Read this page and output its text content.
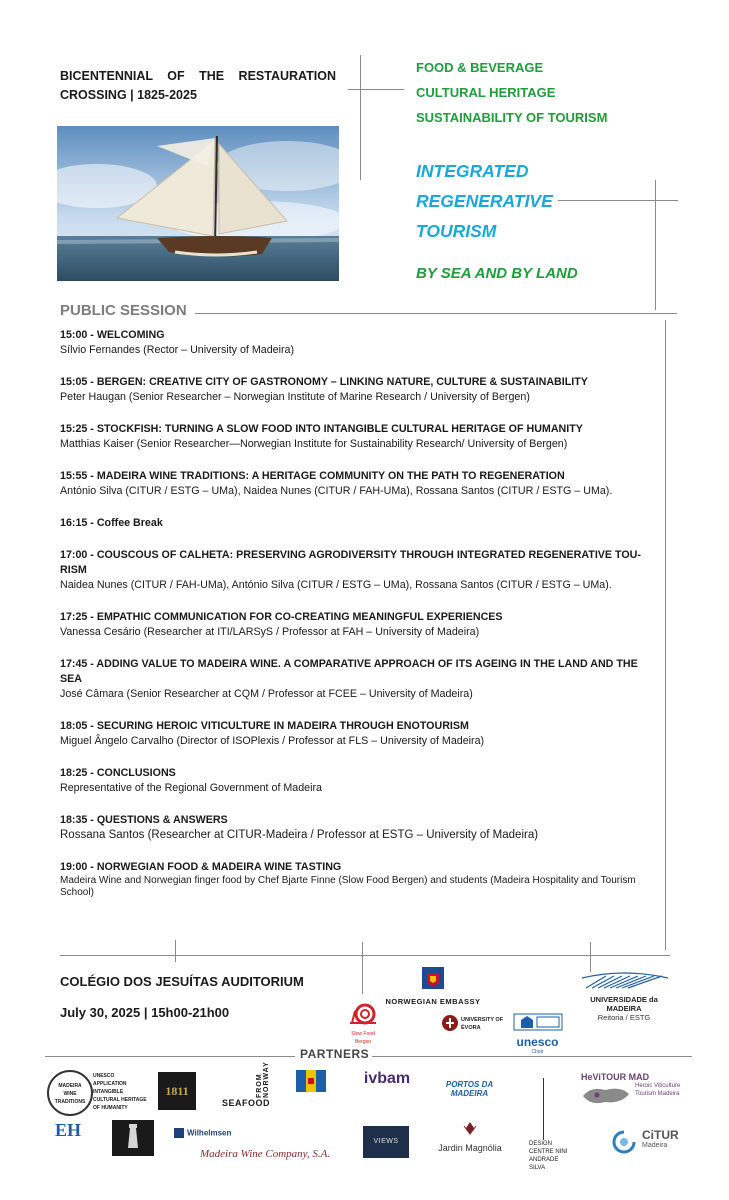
BICENTENNIAL OF THE RESTAURATION CROSSING | 1825-2025
FOOD & BEVERAGE
CULTURAL HERITAGE
SUSTAINABILITY OF TOURISM
INTEGRATED
REGENERATIVE
TOURISM
BY SEA AND BY LAND
PUBLIC SESSION
15:00 - WELCOMING
Sílvio Fernandes (Rector – University of Madeira)
15:05 - BERGEN: CREATIVE CITY OF GASTRONOMY – LINKING NATURE, CULTURE & SUSTAINABILITY
Peter Haugan (Senior Researcher – Norwegian Institute of Marine Research / University of Bergen)
15:25 - STOCKFISH: TURNING A SLOW FOOD INTO INTANGIBLE CULTURAL HERITAGE OF HUMANITY
Matthias Kaiser (Senior Researcher—Norwegian Institute for Sustainability Research/ University of Bergen)
15:55 - MADEIRA WINE TRADITIONS: A HERITAGE COMMUNITY ON THE PATH TO REGENERATION
António Silva (CITUR / ESTG – UMa), Naidea Nunes (CITUR / FAH-UMa), Rossana Santos (CITUR / ESTG – UMa).
16:15 - Coffee Break
17:00 - COUSCOUS OF CALHETA: PRESERVING AGRODIVERSITY THROUGH INTEGRATED REGENERATIVE TOU-RISM
Naidea Nunes (CITUR / FAH-UMa), António Silva (CITUR / ESTG – UMa), Rossana Santos (CITUR / ESTG – UMa).
17:25 - EMPATHIC COMMUNICATION FOR CO-CREATING MEANINGFUL EXPERIENCES
Vanessa Cesário (Researcher at ITI/LARSyS / Professor at FAH – University of Madeira)
17:45 - ADDING VALUE TO MADEIRA WINE. A COMPARATIVE APPROACH OF ITS AGEING IN THE LAND AND THE SEA
José Câmara (Senior Researcher at CQM / Professor at FCEE – University of Madeira)
18:05 - SECURING HEROIC VITICULTURE IN MADEIRA THROUGH ENOTOURISM
Miguel Ângelo Carvalho (Director of ISOPlexis / Professor at FLS – University of Madeira)
18:25 - CONCLUSIONS
Representative of the Regional Government of Madeira
18:35 - QUESTIONS & ANSWERS
Rossana Santos (Researcher at CITUR-Madeira / Professor at ESTG – University of Madeira)
19:00 - NORWEGIAN FOOD & MADEIRA WINE TASTING
Madeira Wine and Norwegian finger food by Chef Bjarte Finne (Slow Food Bergen) and students (Madeira Hospitality and Tourism School)
COLÉGIO DOS JESUÍTAS AUDITORIUM
July 30, 2025 | 15h00-21h00
NORWEGIAN EMBASSY
Slow Food Bergen
UNIVERSITY OF ÉVORA
unesco
Chair
UNIVERSIDADE da MADEIRA
Reitoria / ESTG
PARTNERS
MADEIRA WINE TRADITIONS
UNESCO APPLICATION INTANGIBLE CULTURAL HERITAGE OF HUMANITY
1811	FROM NORWAY
SEAFOOD
ivbam	PORTOS DA MADEIRA
DESIGN CENTRE NINI ANDRADE SILVA
HeViTOUR MAD
Heroic Viticulture Tourism Madeira
EH	Wilhelmsen
Madeira Wine Company, S.A.
VIEWS
Jardin Magnólia
CiTUR
Madeira
